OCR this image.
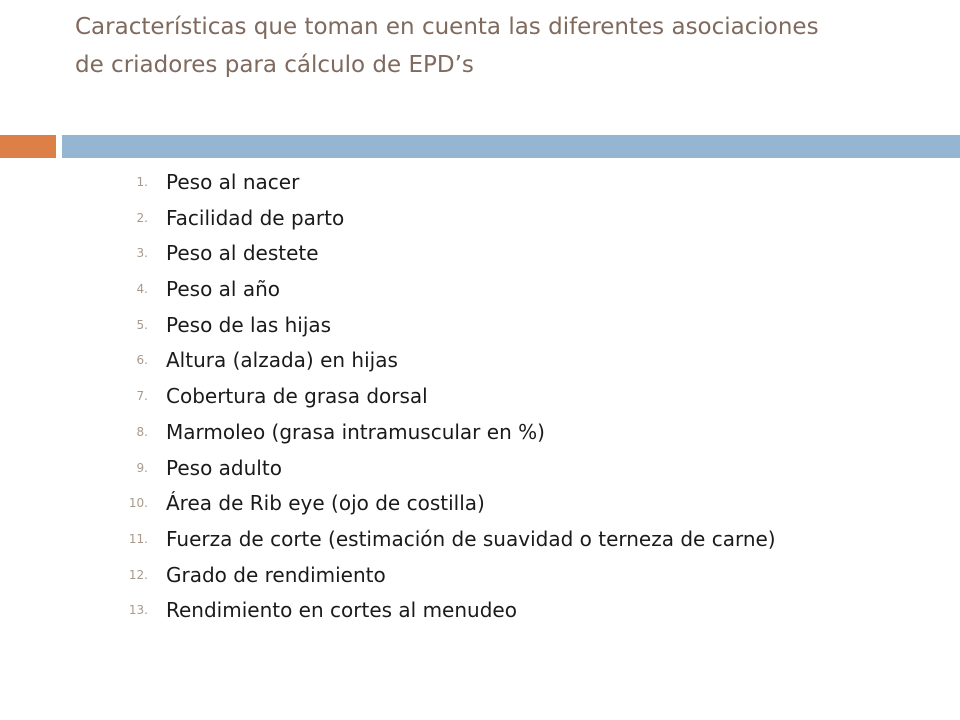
Características que toman en cuenta las diferentes asociaciones
de criadores para cálculo de EPD’s
1. Peso al nacer
2. Facilidad de parto
3. Peso al destete
4. Peso al año
5. Peso de las hijas
6. Altura (alzada) en hijas
7. Cobertura de grasa dorsal
8. Marmoleo (grasa intramuscular en %)
9. Peso adulto
10. Área de Rib eye (ojo de costilla)
11. Fuerza de corte (estimación de suavidad o terneza de carne)
12. Grado de rendimiento
13. Rendimiento en cortes al menudeo
